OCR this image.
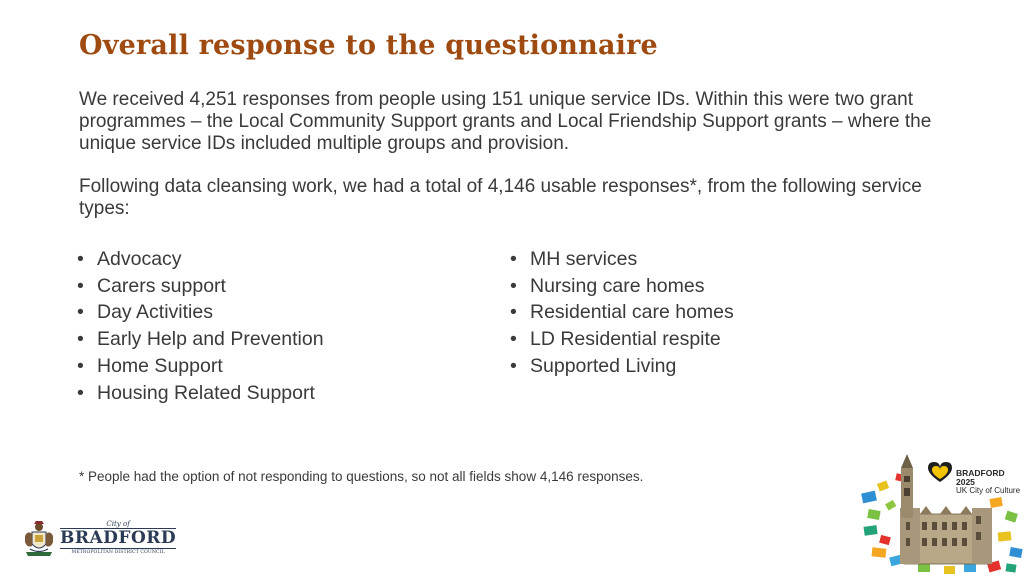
Overall response to the questionnaire

We received 4,251 responses from people using 151 unique service IDs. Within this were two grant programmes – the Local Community Support grants and Local Friendship Support grants – where the unique service IDs included multiple groups and provision.

Following data cleansing work, we had a total of 4,146 usable responses*, from the following service types:

• Advocacy
• Carers support
• Day Activities
• Early Help and Prevention
• Home Support
• Housing Related Support
• MH services
• Nursing care homes
• Residential care homes
• LD Residential respite
• Supported Living

* People had the option of not responding to questions, so not all fields show 4,146 responses.

City of
BRADFORD
METROPOLITAN DISTRICT COUNCIL
BRADFORD 2025
UK City of Culture
